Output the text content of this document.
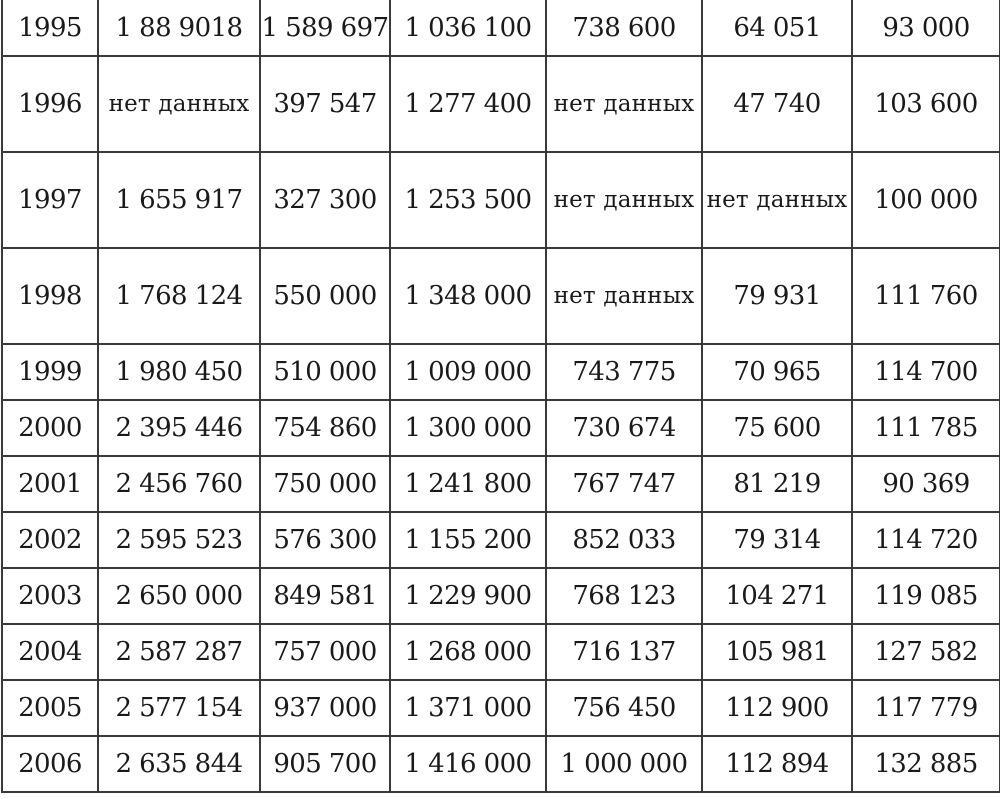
1995	1 88 9018	1 589 697	1 036 100	738 600	64 051	93 000
1996	нет данных	397 547	1 277 400	нет данных	47 740	103 600
1997	1 655 917	327 300	1 253 500	нет данных	нет данных	100 000
1998	1 768 124	550 000	1 348 000	нет данных	79 931	111 760
1999	1 980 450	510 000	1 009 000	743 775	70 965	114 700
2000	2 395 446	754 860	1 300 000	730 674	75 600	111 785
2001	2 456 760	750 000	1 241 800	767 747	81 219	90 369
2002	2 595 523	576 300	1 155 200	852 033	79 314	114 720
2003	2 650 000	849 581	1 229 900	768 123	104 271	119 085
2004	2 587 287	757 000	1 268 000	716 137	105 981	127 582
2005	2 577 154	937 000	1 371 000	756 450	112 900	117 779
2006	2 635 844	905 700	1 416 000	1 000 000	112 894	132 885
